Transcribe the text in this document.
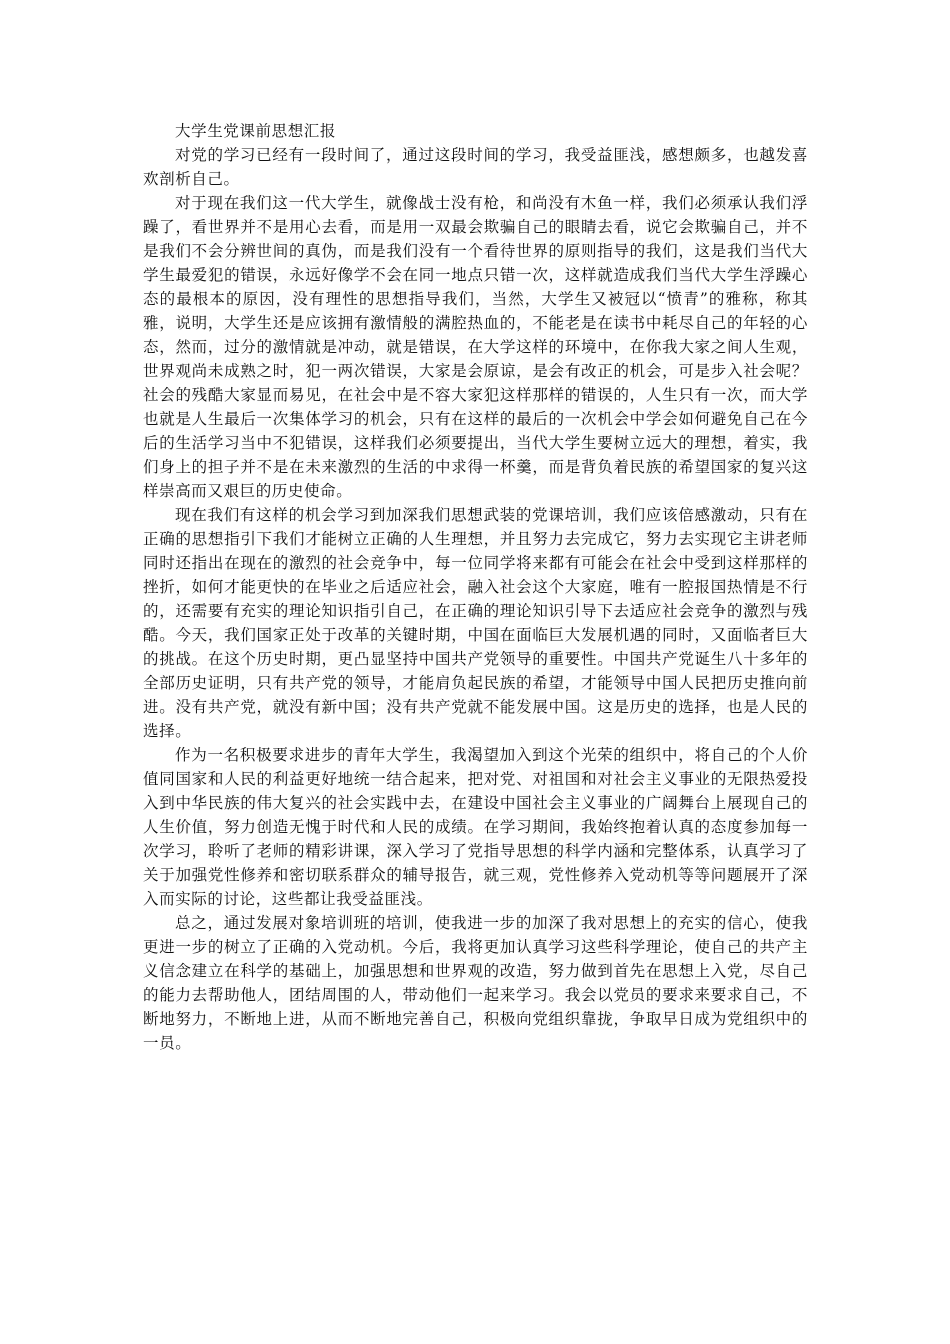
大学生党课前思想汇报

对党的学习已经有一段时间了，通过这段时间的学习，我受益匪浅，感想颇多，也越发喜欢剖析自己。

对于现在我们这一代大学生，就像战士没有枪，和尚没有木鱼一样，我们必须承认我们浮躁了，看世界并不是用心去看，而是用一双最会欺骗自己的眼睛去看，说它会欺骗自己，并不是我们不会分辨世间的真伪，而是我们没有一个看待世界的原则指导的我们，这是我们当代大学生最爱犯的错误，永远好像学不会在同一地点只错一次，这样就造成我们当代大学生浮躁心态的最根本的原因，没有理性的思想指导我们，当然，大学生又被冠以“愤青”的雅称，称其雅，说明，大学生还是应该拥有激情般的满腔热血的，不能老是在读书中耗尽自己的年轻的心态，然而，过分的激情就是冲动，就是错误，在大学这样的环境中，在你我大家之间人生观，世界观尚未成熟之时，犯一两次错误，大家是会原谅，是会有改正的机会，可是步入社会呢？社会的残酷大家显而易见，在社会中是不容大家犯这样那样的错误的，人生只有一次，而大学也就是人生最后一次集体学习的机会，只有在这样的最后的一次机会中学会如何避免自己在今后的生活学习当中不犯错误，这样我们必须要提出，当代大学生要树立远大的理想，着实，我们身上的担子并不是在未来激烈的生活的中求得一杯羹，而是背负着民族的希望国家的复兴这样崇高而又艰巨的历史使命。

现在我们有这样的机会学习到加深我们思想武装的党课培训，我们应该倍感激动，只有在正确的思想指引下我们才能树立正确的人生理想，并且努力去完成它，努力去实现它主讲老师同时还指出在现在的激烈的社会竞争中，每一位同学将来都有可能会在社会中受到这样那样的挫折，如何才能更快的在毕业之后适应社会，融入社会这个大家庭，唯有一腔报国热情是不行的，还需要有充实的理论知识指引自己，在正确的理论知识引导下去适应社会竞争的激烈与残酷。今天，我们国家正处于改革的关键时期，中国在面临巨大发展机遇的同时，又面临者巨大的挑战。在这个历史时期，更凸显坚持中国共产党领导的重要性。中国共产党诞生八十多年的全部历史证明，只有共产党的领导，才能肩负起民族的希望，才能领导中国人民把历史推向前进。没有共产党，就没有新中国；没有共产党就不能发展中国。这是历史的选择，也是人民的选择。

作为一名积极要求进步的青年大学生，我渴望加入到这个光荣的组织中，将自己的个人价值同国家和人民的利益更好地统一结合起来，把对党、对祖国和对社会主义事业的无限热爱投入到中华民族的伟大复兴的社会实践中去，在建设中国社会主义事业的广阔舞台上展现自己的人生价值，努力创造无愧于时代和人民的成绩。在学习期间，我始终抱着认真的态度参加每一次学习，聆听了老师的精彩讲课，深入学习了党指导思想的科学内涵和完整体系，认真学习了关于加强党性修养和密切联系群众的辅导报告，就三观，党性修养入党动机等等问题展开了深入而实际的讨论，这些都让我受益匪浅。

总之，通过发展对象培训班的培训，使我进一步的加深了我对思想上的充实的信心，使我更进一步的树立了正确的入党动机。今后，我将更加认真学习这些科学理论，使自己的共产主义信念建立在科学的基础上，加强思想和世界观的改造，努力做到首先在思想上入党，尽自己的能力去帮助他人，团结周围的人，带动他们一起来学习。我会以党员的要求来要求自己，不断地努力，不断地上进，从而不断地完善自己，积极向党组织靠拢，争取早日成为党组织中的一员。
